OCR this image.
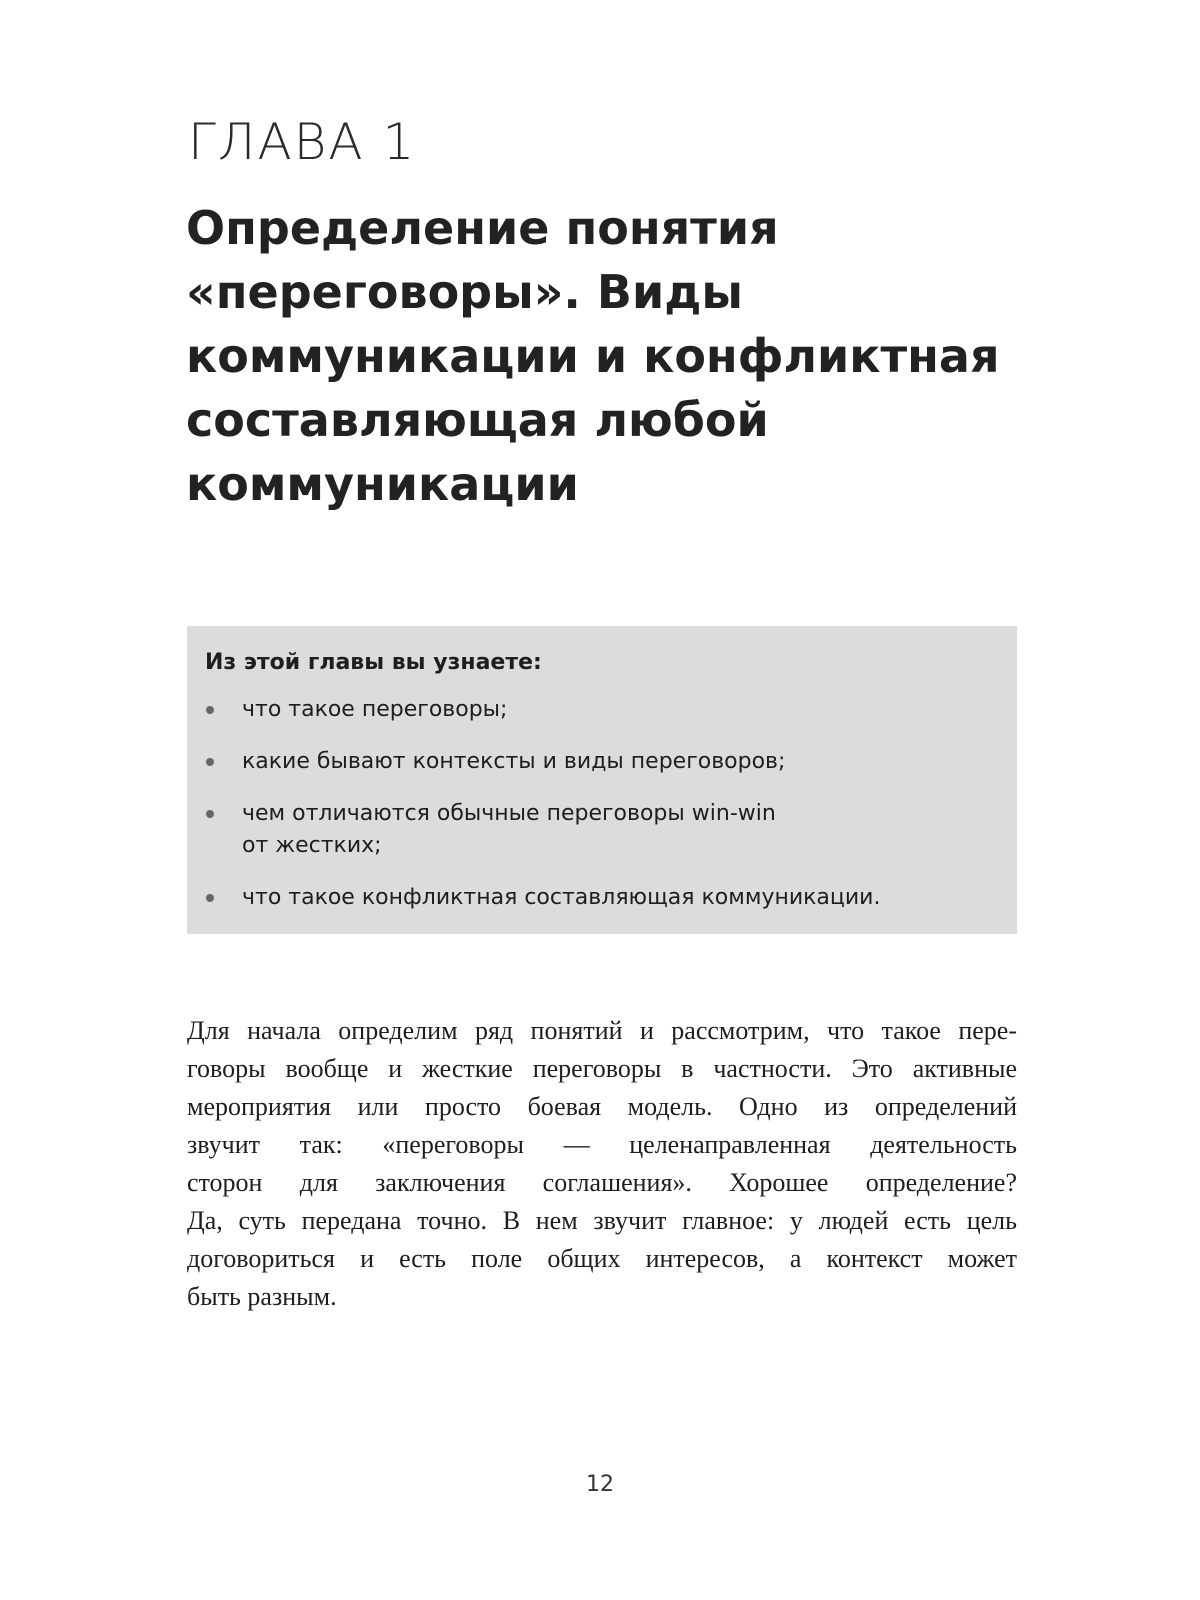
ГЛАВА 1
Определение понятия
«переговоры». Виды
коммуникации и конфликтная
составляющая любой
коммуникации
Из этой главы вы узнаете:
что такое переговоры;
какие бывают контексты и виды переговоров;
чем отличаются обычные переговоры win-win
от жестких;
что такое конфликтная составляющая коммуникации.

Для начала определим ряд понятий и рассмотрим, что такое пере-
говоры вообще и жесткие переговоры в частности. Это активные
мероприятия или просто боевая модель. Одно из определений
звучит так: «переговоры — целенаправленная деятельность
сторон для заключения соглашения». Хорошее определение?
Да, суть передана точно. В нем звучит главное: у людей есть цель
договориться и есть поле общих интересов, а контекст может
быть разным.

12
